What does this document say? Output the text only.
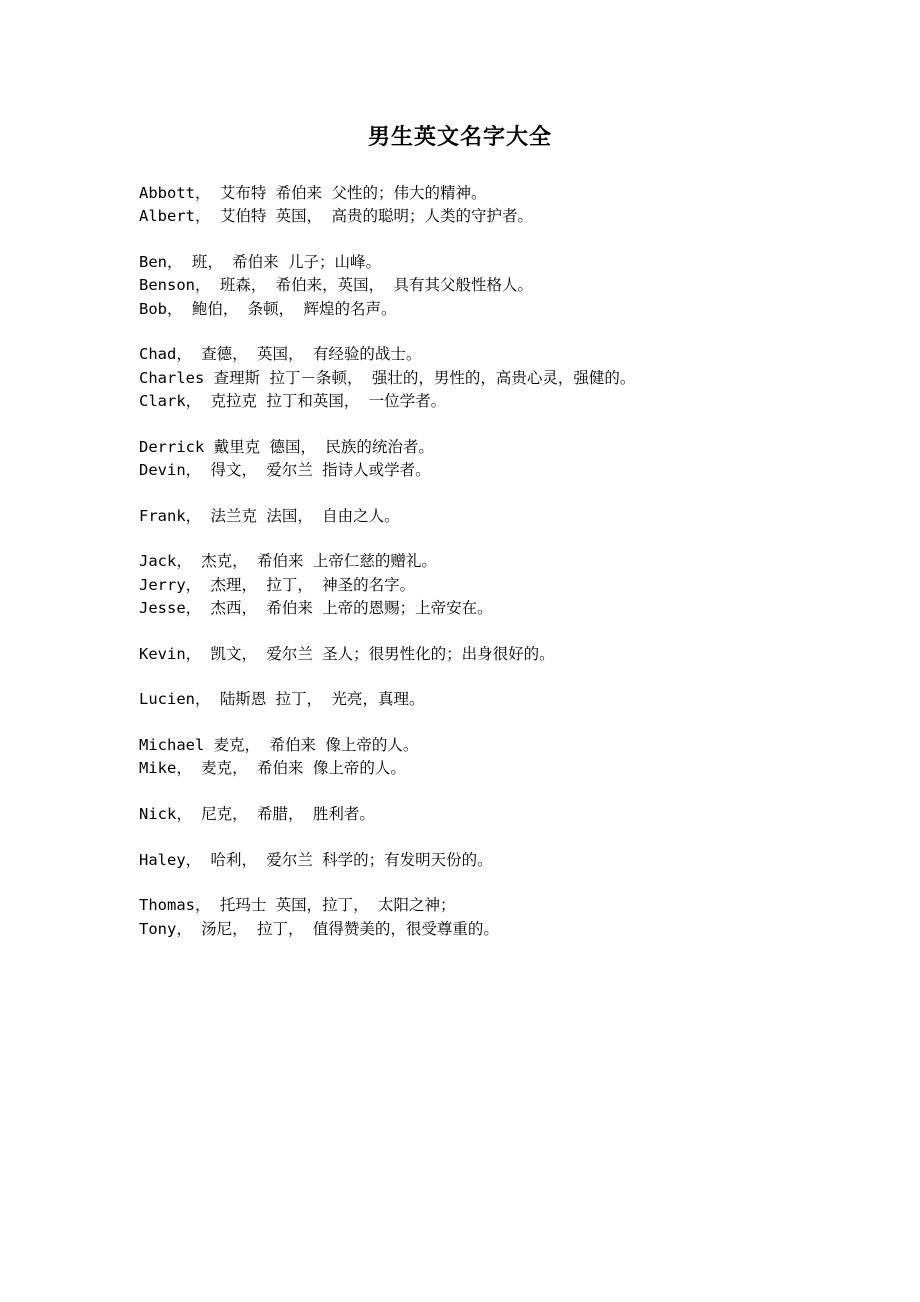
男生英文名字大全
Abbott， 艾布特 希伯来 父性的；伟大的精神。
Albert， 艾伯特 英国， 高贵的聪明；人类的守护者。
Ben， 班， 希伯来 儿子；山峰。
Benson， 班森， 希伯来，英国， 具有其父般性格人。
Bob， 鲍伯， 条顿， 辉煌的名声。
Chad， 查德， 英国， 有经验的战士。
Charles 查理斯 拉丁－条顿， 强壮的，男性的，高贵心灵，强健的。
Clark， 克拉克 拉丁和英国， 一位学者。
Derrick 戴里克 德国， 民族的统治者。
Devin， 得文， 爱尔兰 指诗人或学者。
Frank， 法兰克 法国， 自由之人。
Jack， 杰克， 希伯来 上帝仁慈的赠礼。
Jerry， 杰理， 拉丁， 神圣的名字。
Jesse， 杰西， 希伯来 上帝的恩赐；上帝安在。
Kevin， 凯文， 爱尔兰 圣人；很男性化的；出身很好的。
Lucien， 陆斯恩 拉丁， 光亮，真理。
Michael 麦克， 希伯来 像上帝的人。
Mike， 麦克， 希伯来 像上帝的人。
Nick， 尼克， 希腊， 胜利者。
Haley， 哈利， 爱尔兰 科学的；有发明天份的。
Thomas， 托玛士 英国，拉丁， 太阳之神；
Tony， 汤尼， 拉丁， 值得赞美的，很受尊重的。
